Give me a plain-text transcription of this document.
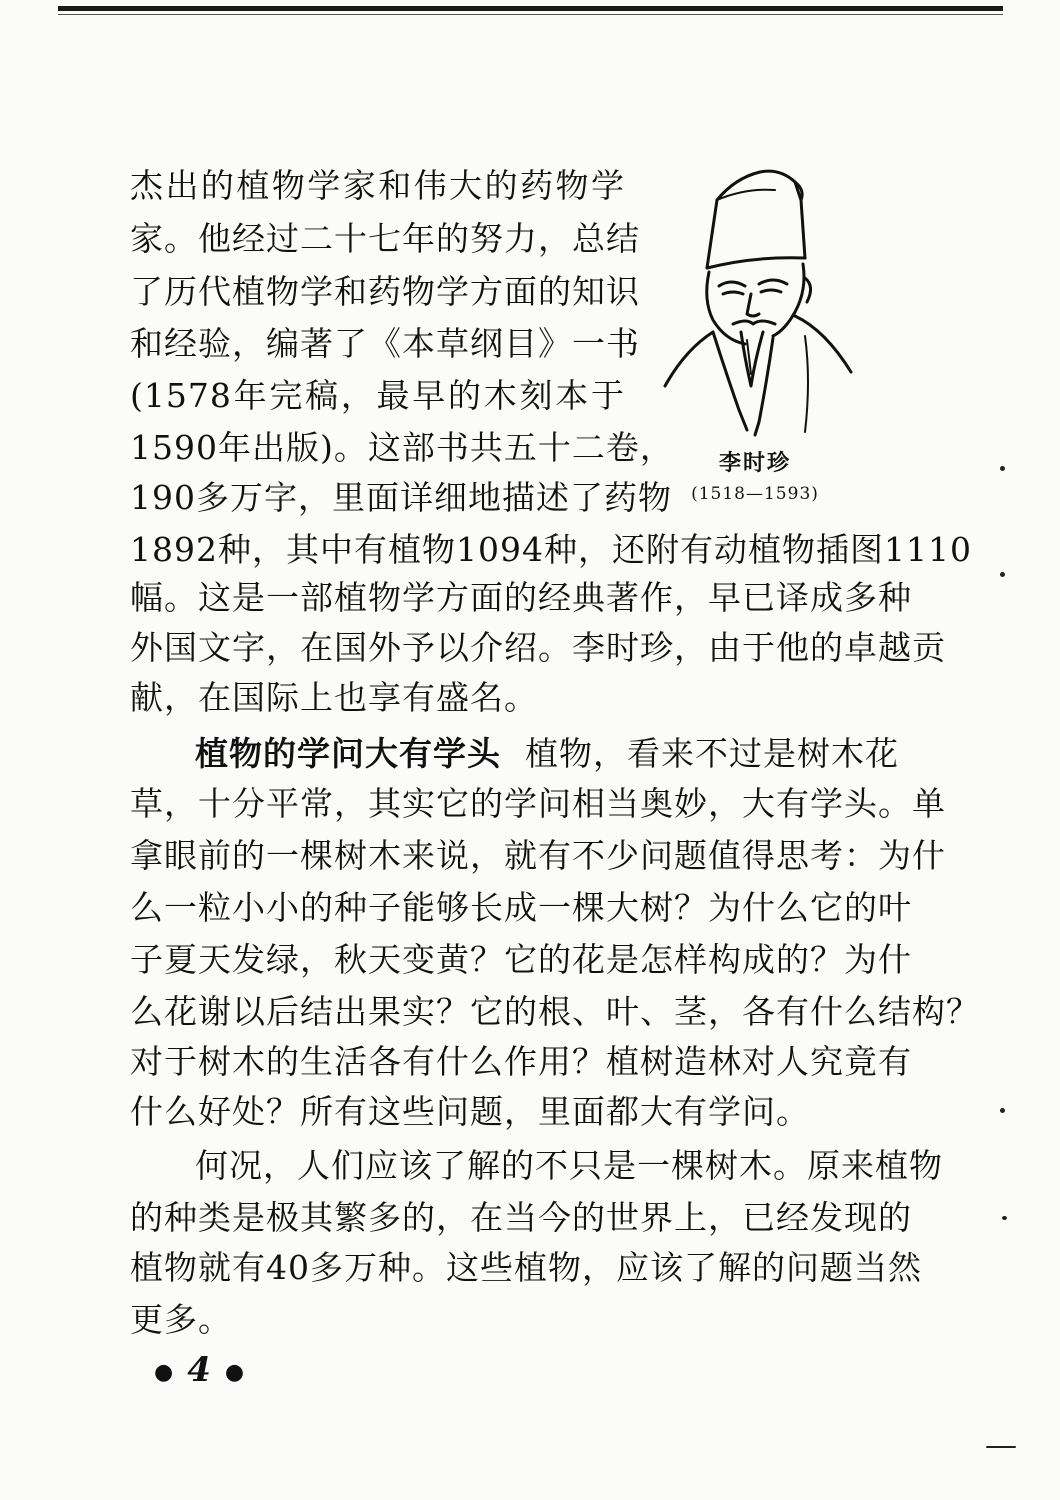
杰出的植物学家和伟大的药物学
家。他经过二十七年的努力，总结
了历代植物学和药物学方面的知识
和经验，编著了《本草纲目》一书
(1578年完稿，最早的木刻本于
1590年出版)。这部书共五十二卷，
190多万字，里面详细地描述了药物
李时珍
(1518—1593)
1892种，其中有植物1094种，还附有动植物插图1110
幅。这是一部植物学方面的经典著作，早已译成多种
外国文字，在国外予以介绍。李时珍，由于他的卓越贡
献，在国际上也享有盛名。
植物的学问大有学头 植物，看来不过是树木花
草，十分平常，其实它的学问相当奥妙，大有学头。单
拿眼前的一棵树木来说，就有不少问题值得思考：为什
么一粒小小的种子能够长成一棵大树？为什么它的叶
子夏天发绿，秋天变黄？它的花是怎样构成的？为什
么花谢以后结出果实？它的根、叶、茎，各有什么结构？
对于树木的生活各有什么作用？植树造林对人究竟有
什么好处？所有这些问题，里面都大有学问。
何况，人们应该了解的不只是一棵树木。原来植物
的种类是极其繁多的，在当今的世界上，已经发现的
植物就有40多万种。这些植物，应该了解的问题当然
更多。
● 4 ●
